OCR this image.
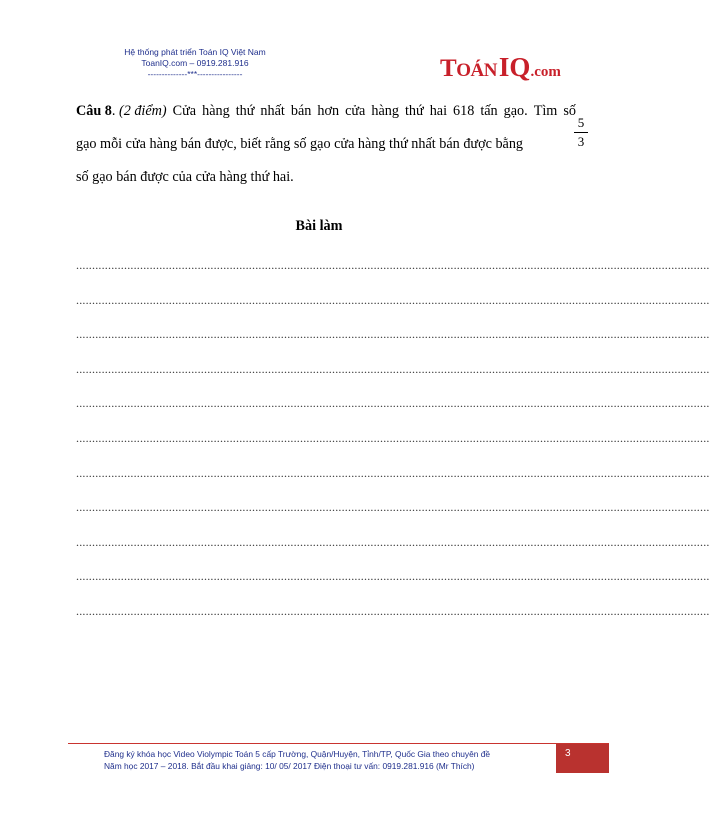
Hệ thống phát triển Toán IQ Việt Nam
ToanIQ.com – 0919.281.916
--------------***----------------	TOÁNIQ.com
Câu 8. (2 điểm) Cửa hàng thứ nhất bán hơn cửa hàng thứ hai 618 tấn gạo. Tìm số
gạo mỗi cửa hàng bán được, biết rằng số gạo cửa hàng thứ nhất bán được bằng	$\frac{5}{3}$
số gạo bán được của cửa hàng thứ hai.
Bài làm
......................................................................................................................................................................................................
......................................................................................................................................................................................................
......................................................................................................................................................................................................
......................................................................................................................................................................................................
......................................................................................................................................................................................................
......................................................................................................................................................................................................
......................................................................................................................................................................................................
......................................................................................................................................................................................................
......................................................................................................................................................................................................
......................................................................................................................................................................................................
......................................................................................................................................................................................................
Đăng ký khóa học Video Violympic Toán 5 cấp Trường, Quận/Huyện, Tỉnh/TP, Quốc Gia theo chuyên đề
Năm học 2017 – 2018. Bắt đầu khai giảng: 10/ 05/ 2017 Điện thoại tư vấn: 0919.281.916 (Mr Thích)
3
